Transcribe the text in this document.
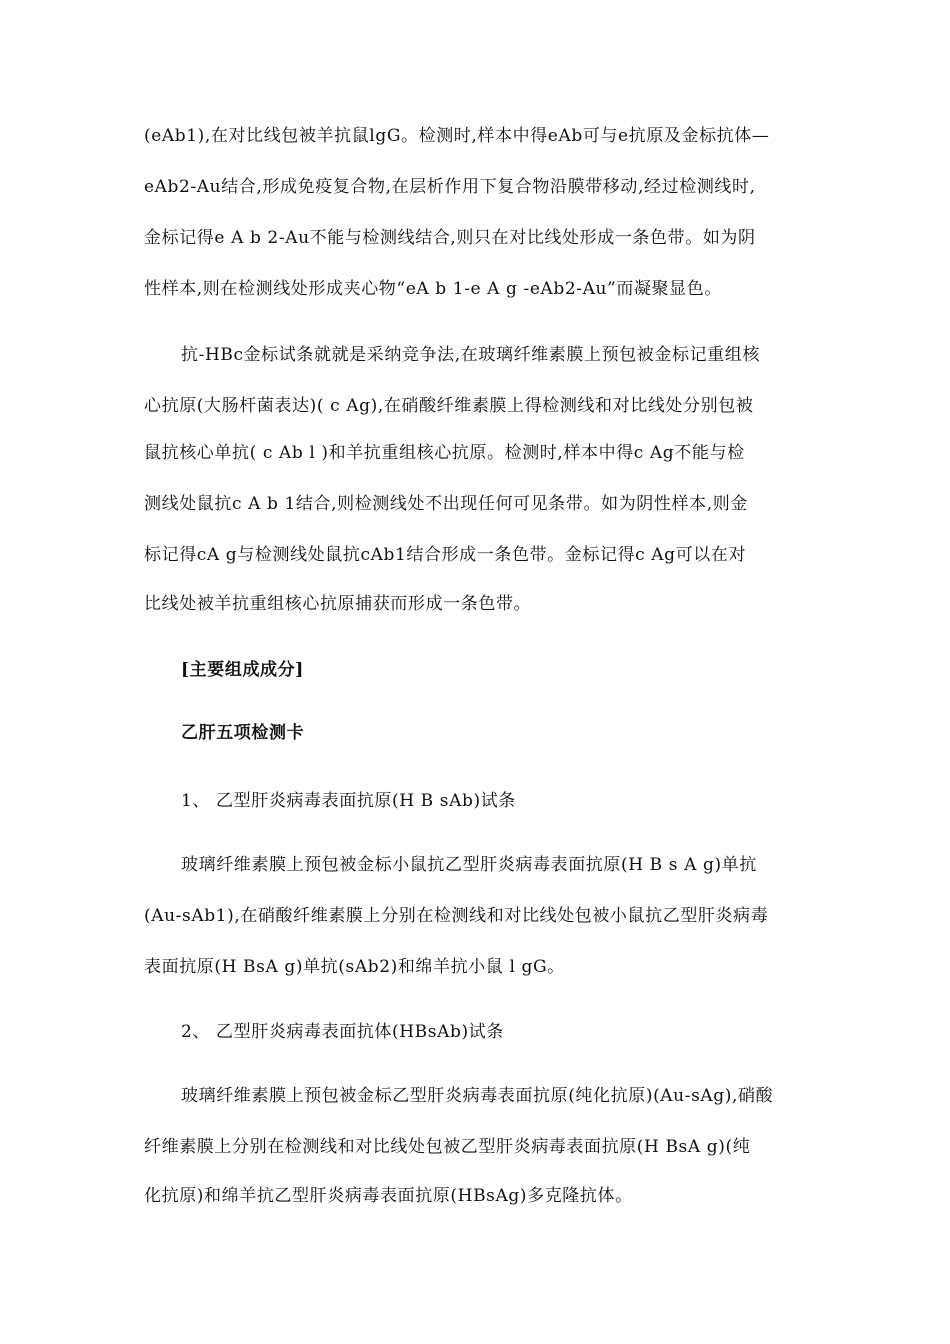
(eAb1),在对比线包被羊抗鼠lgG。检测时,样本中得eAb可与e抗原及金标抗体—
eAb2-Au结合,形成免疫复合物,在层析作用下复合物沿膜带移动,经过检测线时,
金标记得e A b 2-Au不能与检测线结合,则只在对比线处形成一条色带。如为阴
性样本,则在检测线处形成夹心物“eA b 1-e A g -eAb2-Au”而凝聚显色。
抗-HBc金标试条就就是采纳竞争法,在玻璃纤维素膜上预包被金标记重组核
心抗原(大肠杆菌表达)( c Ag),在硝酸纤维素膜上得检测线和对比线处分别包被
鼠抗核心单抗( c Ab l )和羊抗重组核心抗原。检测时,样本中得c Ag不能与检
测线处鼠抗c A b 1结合,则检测线处不出现任何可见条带。如为阴性样本,则金
标记得cA g与检测线处鼠抗cAb1结合形成一条色带。金标记得c Ag可以在对
比线处被羊抗重组核心抗原捕获而形成一条色带。
[主要组成成分]
乙肝五项检测卡
1、 乙型肝炎病毒表面抗原(H B sAb)试条
玻璃纤维素膜上预包被金标小鼠抗乙型肝炎病毒表面抗原(H B s A g)单抗
(Au-sAb1),在硝酸纤维素膜上分别在检测线和对比线处包被小鼠抗乙型肝炎病毒
表面抗原(H BsA g)单抗(sAb2)和绵羊抗小鼠 l gG。
2、 乙型肝炎病毒表面抗体(HBsAb)试条
玻璃纤维素膜上预包被金标乙型肝炎病毒表面抗原(纯化抗原)(Au-sAg),硝酸
纤维素膜上分别在检测线和对比线处包被乙型肝炎病毒表面抗原(H BsA g)(纯
化抗原)和绵羊抗乙型肝炎病毒表面抗原(HBsAg)多克隆抗体。
